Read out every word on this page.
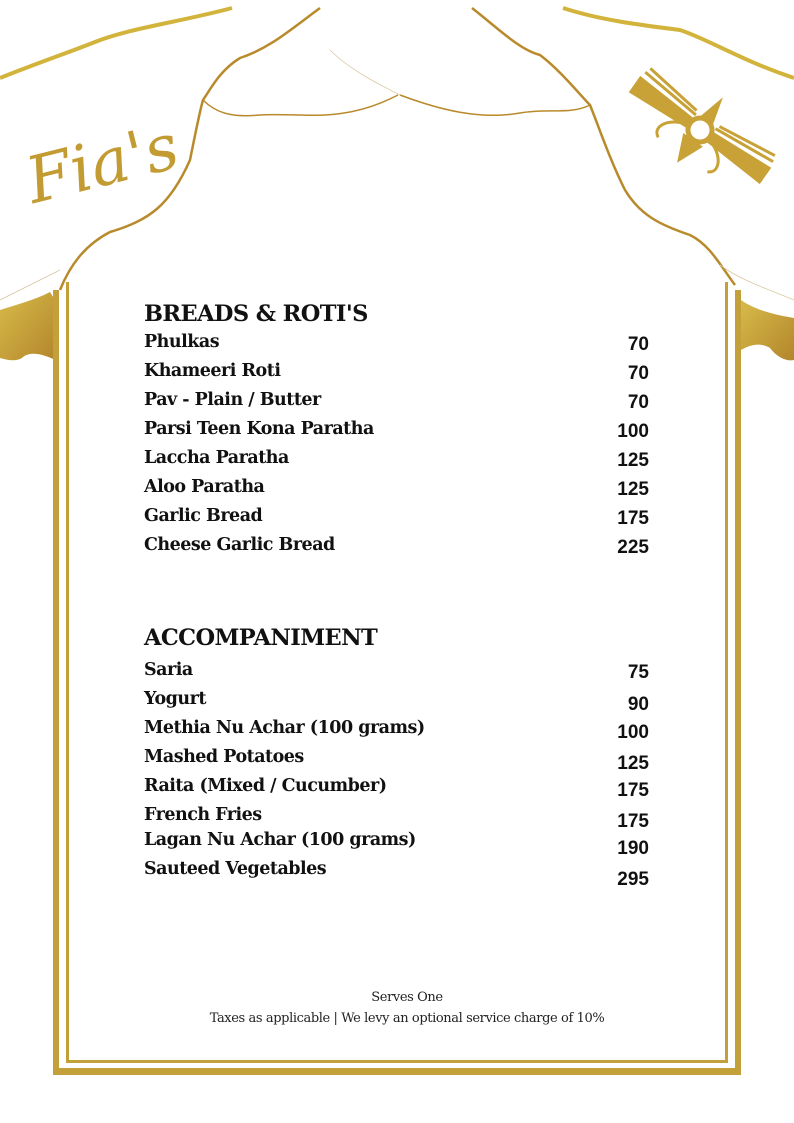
Fia's
BREADS & ROTI'S
Phulkas	70
Khameeri Roti	70
Pav - Plain / Butter	70
Parsi Teen Kona Paratha	100
Laccha Paratha	125
Aloo Paratha	125
Garlic Bread	175
Cheese Garlic Bread	225
ACCOMPANIMENT
Saria	75
Yogurt	90
Methia Nu Achar (100 grams)	100
Mashed Potatoes	125
Raita (Mixed / Cucumber)	175
French Fries	175
Lagan Nu Achar (100 grams)	190
Sauteed Vegetables	295
Serves One
Taxes as applicable | We levy an optional service charge of 10%
